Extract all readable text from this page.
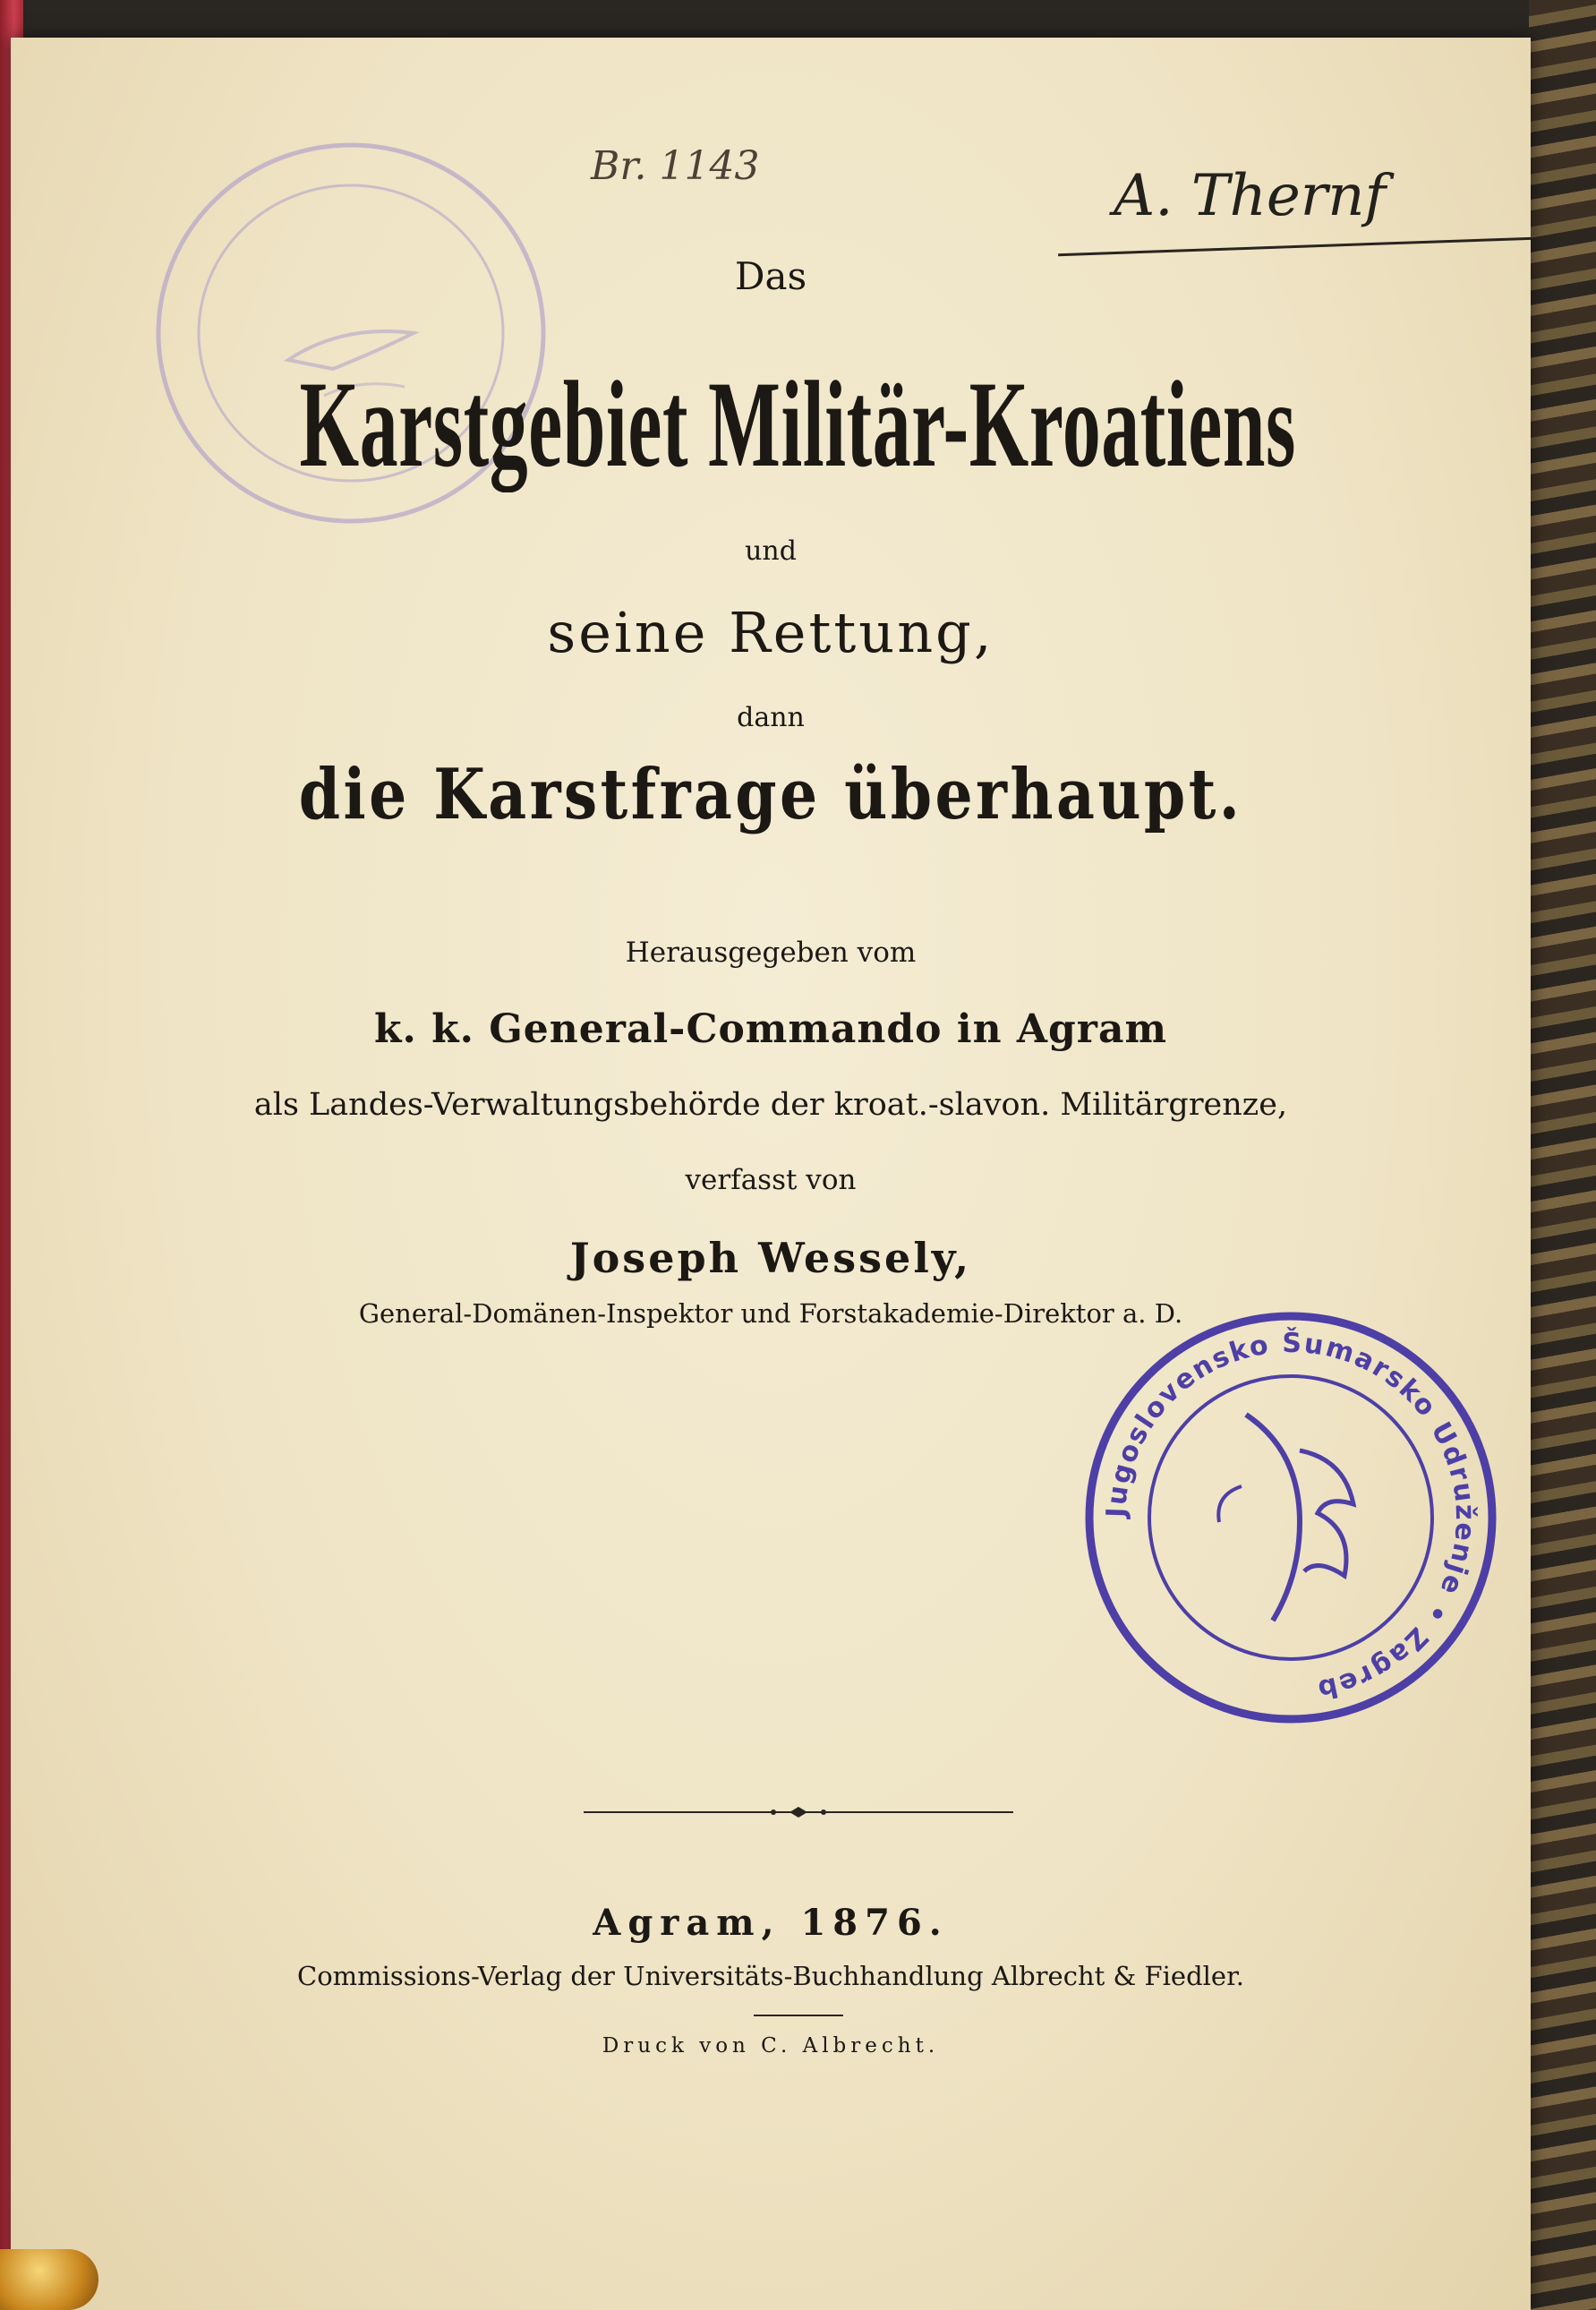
Br. 1143	A. Thernf
Das
Karstgebiet Militär-Kroatiens
und
seine Rettung,
dann
die Karstfrage überhaupt.
Herausgegeben vom
k. k. General-Commando in Agram
als Landes-Verwaltungsbehörde der kroat.-slavon. Militärgrenze,
verfasst von
Joseph Wessely,
General-Domänen-Inspektor und Forstakademie-Direktor a. D.
Jugoslovensko Šumarsko Udruženje • Zagreb
Agram, 1876.
Commissions-Verlag der Universitäts-Buchhandlung Albrecht & Fiedler.
Druck von C. Albrecht.
